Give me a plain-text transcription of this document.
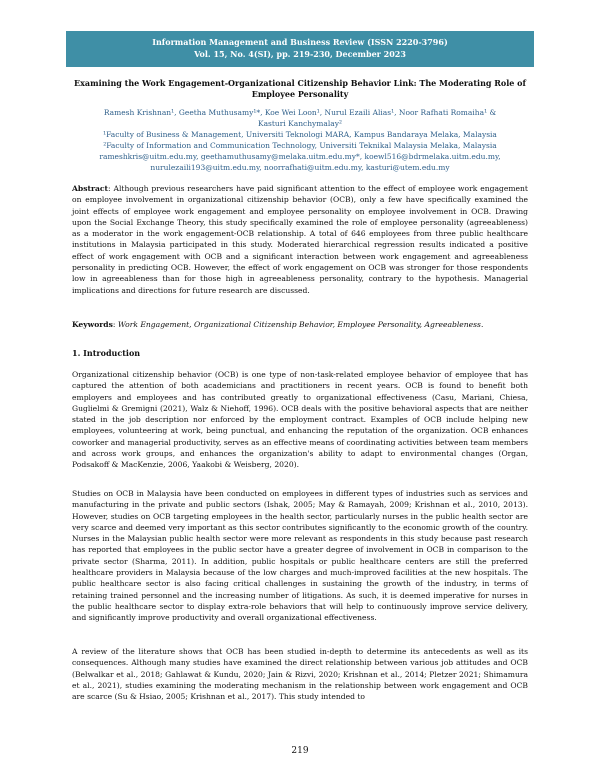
Information Management and Business Review (ISSN 2220-3796)
Vol. 15, No. 4(SI), pp. 219-230, December 2023
Examining the Work Engagement-Organizational Citizenship Behavior Link: The Moderating Role of Employee Personality
Ramesh Krishnan¹, Geetha Muthusamy¹*, Koe Wei Loon¹, Nurul Ezaili Alias¹, Noor Rafhati Romaiha¹ &
Kasturi Kanchymalay²
¹Faculty of Business & Management, Universiti Teknologi MARA, Kampus Bandaraya Melaka, Malaysia
²Faculty of Information and Communication Technology, Universiti Teknikal Malaysia Melaka, Malaysia
rameshkris@uitm.edu.my, geethamuthusamy@melaka.uitm.edu.my*, koewl516@bdrmelaka.uitm.edu.my,
nurulezaili193@uitm.edu.my, noorrafhati@uitm.edu.my, kasturi@utem.edu.my
Abstract: Although previous researchers have paid significant attention to the effect of employee work engagement on employee involvement in organizational citizenship behavior (OCB), only a few have specifically examined the joint effects of employee work engagement and employee personality on employee involvement in OCB. Drawing upon the Social Exchange Theory, this study specifically examined the role of employee personality (agreeableness) as a moderator in the work engagement-OCB relationship. A total of 646 employees from three public healthcare institutions in Malaysia participated in this study. Moderated hierarchical regression results indicated a positive effect of work engagement with OCB and a significant interaction between work engagement and agreeableness personality in predicting OCB. However, the effect of work engagement on OCB was stronger for those respondents low in agreeableness than for those high in agreeableness personality, contrary to the hypothesis. Managerial implications and directions for future research are discussed.
Keywords: Work Engagement, Organizational Citizenship Behavior, Employee Personality, Agreeableness.
1. Introduction
Organizational citizenship behavior (OCB) is one type of non-task-related employee behavior of employee that has captured the attention of both academicians and practitioners in recent years. OCB is found to benefit both employers and employees and has contributed greatly to organizational effectiveness (Casu, Mariani, Chiesa, Guglielmi & Gremigni (2021), Walz & Niehoff, 1996). OCB deals with the positive behavioral aspects that are neither stated in the job description nor enforced by the employment contract. Examples of OCB include helping new employees, volunteering at work, being punctual, and enhancing the reputation of the organization. OCB enhances coworker and managerial productivity, serves as an effective means of coordinating activities between team members and across work groups, and enhances the organization's ability to adapt to environmental changes (Organ, Podsakoff & MacKenzie, 2006, Yaakobi & Weisberg, 2020).
Studies on OCB in Malaysia have been conducted on employees in different types of industries such as services and manufacturing in the private and public sectors (Ishak, 2005; May & Ramayah, 2009; Krishnan et al., 2010, 2013). However, studies on OCB targeting employees in the health sector, particularly nurses in the public health sector are very scarce and deemed very important as this sector contributes significantly to the economic growth of the country. Nurses in the Malaysian public health sector were more relevant as respondents in this study because past research has reported that employees in the public sector have a greater degree of involvement in OCB in comparison to the private sector (Sharma, 2011). In addition, public hospitals or public healthcare centers are still the preferred healthcare providers in Malaysia because of the low charges and much-improved facilities at the new hospitals. The public healthcare sector is also facing critical challenges in sustaining the growth of the industry, in terms of retaining trained personnel and the increasing number of litigations. As such, it is deemed imperative for nurses in the public healthcare sector to display extra-role behaviors that will help to continuously improve service delivery, and significantly improve productivity and overall organizational effectiveness.
A review of the literature shows that OCB has been studied in-depth to determine its antecedents as well as its consequences. Although many studies have examined the direct relationship between various job attitudes and OCB (Belwalkar et al., 2018; Gahlawat & Kundu, 2020; Jain & Rizvi, 2020; Krishnan et al., 2014; Pletzer 2021; Shimamura et al., 2021), studies examining the moderating mechanism in the relationship between work engagement and OCB are scarce (Su & Hsiao, 2005; Krishnan et al., 2017). This study intended to
219
